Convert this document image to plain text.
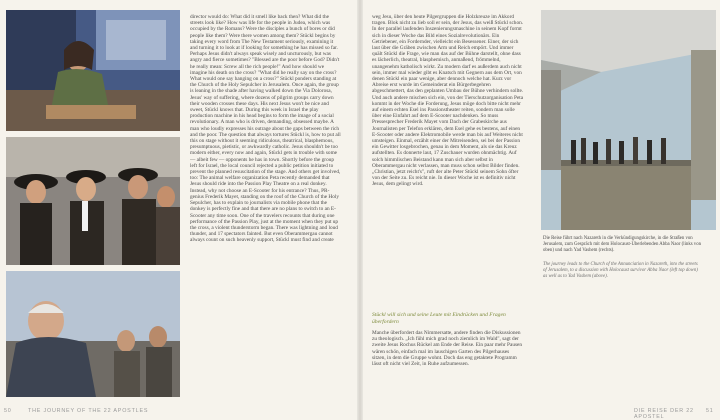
director would do: What did it smell like back then? What did the streets look like? How was life for the people in Judea, which was occupied by the Romans? Were the disciples a bunch of bores or did people like them? Were there women among them? Stückl begins by taking every word from The New Testament seriously, examining it and turning it to look at if looking for something he has missed so far. Perhaps Jesus didn't always speak wisely and uncturously, but was angry and fierce sometimes? "Blessed are the poor before God? Didn't he really mean: Screw all the rich people!" And how should we imagine his death on the cross? "What did he really say on the cross? What would one say hanging on a cross?" Stückl ponders standing at the Church of the Holy Sepulcher in Jerusalem. Once again, the group is leaning in the shade after having walked down the Via Dolorosa, Jesus' way of suffering, where dozens of pilgrim groups carry down their wooden crosses these days. His next Jesus won't be nice and sweet, Stückl knows that. During this week in Israel the play production machine in his head begins to form the image of a social revolutionary. A man who is driven, demanding, obsessed maybe. A man who loudly expresses his outrage about the gaps between the rich and the poor. The question that always tortures Stückl is, how to put all this on stage without it seeming ridiculous, theatrical, blasphemous, presumptuous, pietistic, or awkwardly catholic. Jesus shouldn't be too modern either, every now and again, Stückl gets in trouble with some — albeit few — opponents he has in town. Shortly before the group left for Israel, the local council rejected a public petition initiated to prevent the planned resuscitation of the stage. And others get involved, too: The animal welfare organization Peta recently demanded that Jesus should ride into the Passion Play Theatre on a real donkey. Instead, why not choose an E-Scooter for his entrance? Thus, PR-genius Frederik Mayet, standing on the roof of the Church of the Holy Sepulcher, has to explain to journalists via mobile phone that the donkey is perfectly fine and that there are no plans to switch to an E-Scooter any time soon. One of the travelers recounts that during one performance of the Passion Play, just at the moment when they put up the cross, a violent thunderstorm began. There was lightning and loud thunder, and 17 spectators fainted. But even Oberammergau cannot always count on such heavenly support, Stückl must find and create

weg Jesu, über den heute Pilgergruppen die Holzkreuze im Akkord tragen. Blok nicht zu lieb soll er sein, der Jesus, das weiß Stückl schon. In der parallel laufenden Inszenierungsmaschine in seinem Kopf formt sich in dieser Woche das Bild eines Sozialrevolutionärs. Ein Getriebener, ein Fordernder, vielleicht ein Besessener. Einer, der sich laut über die Gräben zwischen Arm und Reich empört. Und immer quält Stückl die Frage, wie man das auf der Bühne darstellt, ohne dass es lächerlich, theatral, blasphemisch, anmaßend, frömmelnd, unangenehm katholisch wirkt. Zu modern darf es außerdem auch nicht sein, immer mal wieder gibt es Knatsch mit Gegnern aus dem Ort, von denen Stückl ein paar wenige, aber dennoch welche hat. Kurz vor Abreise erst wurde im Gemeinderat ein Bürgerbegehren abgeschmettert, das den geplanten Umbau der Bühne verhindern sollte. Und auch andere mischen sich ein, von der Tierschutzorganisation Peta kommt in der Woche die Forderung, Jesus möge doch bitte nicht mehr auf einem echten Esel ins Passionstheater reiten, sondern man solle über eine Einfahrt auf dem E-Scooter nachdenken. So muss Pressesprecher Frederik Mayet vom Dach der Grabeskirche aus Journalisten per Telefon erklären, dem Esel gehe es bestens, auf einen E-Scooter oder andere Elektromobile werde man bis auf Weiteres nicht umsteigen. Einmal, erzählt einer der Mitreisenden, sei bei der Passion ein Gewitter losgebrochen, genau in dem Moment, als sie das Kreuz aufstellten. Es donnerte laut, 17 Zuschauer wurden ohnmächtig. Auf solch himmlischen Beistand kann man sich aber selbst in Oberammergau nicht verlassen, man muss schon selbst Bilder finden. „Christian, jetzt reicht's", ruft der alte Peter Stückl seinem Sohn öfter von der Seite zu. Es reicht nie. In dieser Woche ist es definitiv nicht Jesus, dem gelingt wird.

Stückl will sich und seine Leute mit Eindrücken und Fragen überfordern

Manche überfordert das Nimmersatte, andere finden die Diskussionen zu theologisch. „Ich fühl mich grad noch ziemlich im Wald", sagt der zweite Jesus Rochus Rückel am Ende der Reise. Ein paar mehr Pausen wären schön, einfach mal im lauschigen Garten des Pilgerhauses sitzen, in dem die Gruppe wohnt. Doch das eng getaktete Programm lässt oft nicht viel Zeit, in Ruhe aufzumessen.

Die Reise führt nach Nazareth in die Verkündigungskirche, in die Straßen von Jerusalem, zum Gespräch mit dem Holocaust-Überlebenden Abba Naor (links von oben) und nach Yad Vashem (rechts).
The journey leads to the Church of the Annunciation in Nazareth, into the streets of Jerusalem, to a discussion with Holocaust survivor Abba Naor (left top down) as well as to Yad Vashem (above).
50	THE JOURNEY OF THE 22 APOSTLES	DIE REISE DER 22 APOSTEL
51
